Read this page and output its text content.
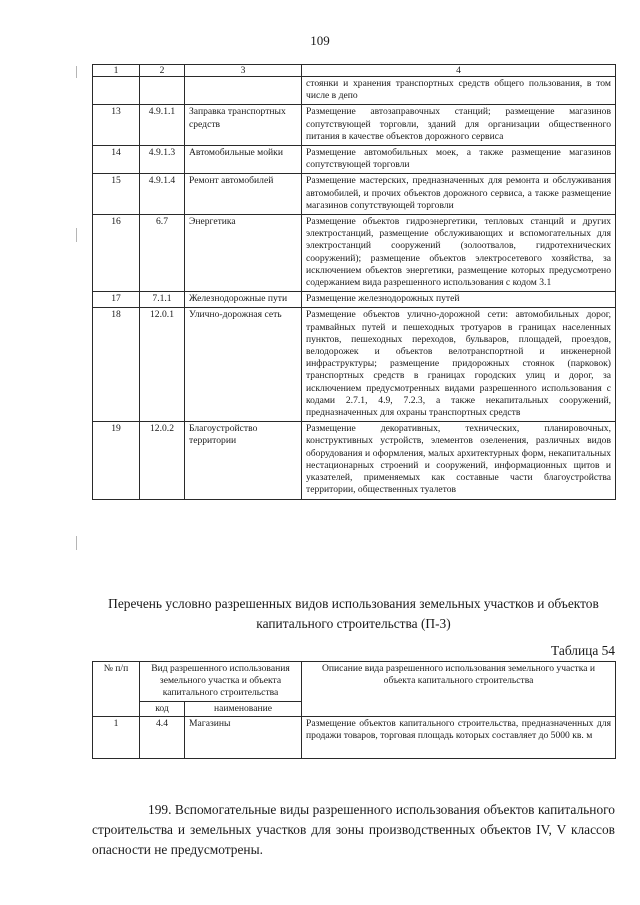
109
1	2	3	4
			стоянки и хранения транспортных средств общего пользования, в том числе в депо
13	4.9.1.1	Заправка транспортных средств	Размещение автозаправочных станций; размещение магазинов сопутствующей торговли, зданий для организации общественного питания в качестве объектов дорожного сервиса
14	4.9.1.3	Автомобильные мойки	Размещение автомобильных моек, а также размещение магазинов сопутствующей торговли
15	4.9.1.4	Ремонт автомобилей	Размещение мастерских, предназначенных для ремонта и обслуживания автомобилей, и прочих объектов дорожного сервиса, а также размещение магазинов сопутствующей торговли
16	6.7	Энергетика	Размещение объектов гидроэнергетики, тепловых станций и других электростанций, размещение обслуживающих и вспомогательных для электростанций сооружений (золоотвалов, гидротехнических сооружений); размещение объектов электросетевого хозяйства, за исключением объектов энергетики, размещение которых предусмотрено содержанием вида разрешенного использования с кодом 3.1
17	7.1.1	Железнодорожные пути	Размещение железнодорожных путей
18	12.0.1	Улично-дорожная сеть	Размещение объектов улично-дорожной сети: автомобильных дорог, трамвайных путей и пешеходных тротуаров в границах населенных пунктов, пешеходных переходов, бульваров, площадей, проездов, велодорожек и объектов велотранспортной и инженерной инфраструктуры; размещение придорожных стоянок (парковок) транспортных средств в границах городских улиц и дорог, за исключением предусмотренных видами разрешенного использования с кодами 2.7.1, 4.9, 7.2.3, а также некапитальных сооружений, предназначенных для охраны транспортных средств
19	12.0.2	Благоустройство территории	Размещение декоративных, технических, планировочных, конструктивных устройств, элементов озеленения, различных видов оборудования и оформления, малых архитектурных форм, некапитальных нестационарных строений и сооружений, информационных щитов и указателей, применяемых как составные части благоустройства территории, общественных туалетов
Перечень условно разрешенных видов использования земельных участков и объектов капитального строительства (П-3)
Таблица 54
№ п/п	Вид разрешенного использования земельного участка и объекта капитального строительства		Описание вида разрешенного использования земельного участка и объекта капитального строительства
	код	наименование	
1	4.4	Магазины	Размещение объектов капитального строительства, предназначенных для продажи товаров, торговая площадь которых составляет до 5000 кв. м
199. Вспомогательные виды разрешенного использования объектов капитального строительства и земельных участков для зоны производственных объектов IV, V классов опасности не предусмотрены.
